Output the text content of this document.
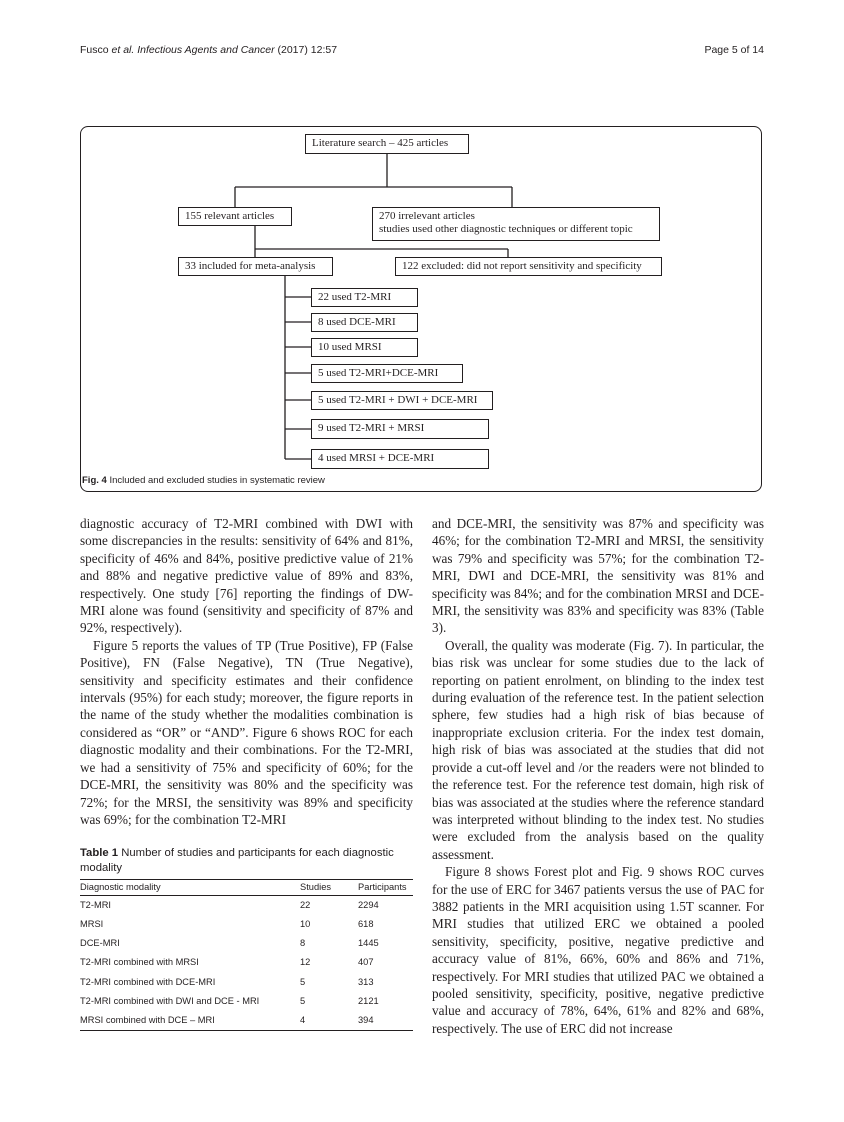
Fusco et al. Infectious Agents and Cancer (2017) 12:57	Page 5 of 14
Literature search – 425 articles
155 relevant articles	270 irrelevant articles
studies used other diagnostic techniques or different topic
33 included for meta-analysis	122 excluded: did not report sensitivity and specificity
22 used T2-MRI
8 used DCE-MRI
10 used MRSI
5 used T2-MRI+DCE-MRI
5 used T2-MRI + DWI + DCE-MRI
9 used T2-MRI + MRSI
4 used MRSI + DCE-MRI
Fig. 4 Included and excluded studies in systematic review

diagnostic accuracy of T2-MRI combined with DWI with some discrepancies in the results: sensitivity of 64% and 81%, specificity of 46% and 84%, positive predictive value of 21% and 88% and negative predictive value of 89% and 83%, respectively. One study [76] reporting the findings of DW-MRI alone was found (sensitivity and specificity of 87% and 92%, respectively).

Figure 5 reports the values of TP (True Positive), FP (False Positive), FN (False Negative), TN (True Negative), sensitivity and specificity estimates and their confidence intervals (95%) for each study; moreover, the figure reports in the name of the study whether the modalities combination is considered as “OR” or “AND”. Figure 6 shows ROC for each diagnostic modality and their combinations. For the T2-MRI, we had a sensitivity of 75% and specificity of 60%; for the DCE-MRI, the sensitivity was 80% and the specificity was 72%; for the MRSI, the sensitivity was 89% and specificity was 69%; for the combination T2-MRI

Table 1 Number of studies and participants for each diagnostic modality
Diagnostic modality	Studies	Participants
T2-MRI	22	2294
MRSI	10	618
DCE-MRI	8	1445
T2-MRI combined with MRSI	12	407
T2-MRI combined with DCE-MRI	5	313
T2-MRI combined with DWI and DCE - MRI	5	2121
MRSI combined with DCE – MRI	4	394

and DCE-MRI, the sensitivity was 87% and specificity was 46%; for the combination T2-MRI and MRSI, the sensitivity was 79% and specificity was 57%; for the combination T2-MRI, DWI and DCE-MRI, the sensitivity was 81% and specificity was 84%; and for the combination MRSI and DCE-MRI, the sensitivity was 83% and specificity was 83% (Table 3).

Overall, the quality was moderate (Fig. 7). In particular, the bias risk was unclear for some studies due to the lack of reporting on patient enrolment, on blinding to the index test during evaluation of the reference test. In the patient selection sphere, few studies had a high risk of bias because of inappropriate exclusion criteria. For the index test domain, high risk of bias was associated at the studies that did not provide a cut-off level and /or the readers were not blinded to the reference test. For the reference test domain, high risk of bias was associated at the studies where the reference standard was interpreted without blinding to the index test. No studies were excluded from the analysis based on the quality assessment.

Figure 8 shows Forest plot and Fig. 9 shows ROC curves for the use of ERC for 3467 patients versus the use of PAC for 3882 patients in the MRI acquisition using 1.5T scanner. For MRI studies that utilized ERC we obtained a pooled sensitivity, specificity, positive, negative predictive and accuracy value of 81%, 66%, 60% and 86% and 71%, respectively. For MRI studies that utilized PAC we obtained a pooled sensitivity, specificity, positive, negative predictive value and accuracy of 78%, 64%, 61% and 82% and 68%, respectively. The use of ERC did not increase
